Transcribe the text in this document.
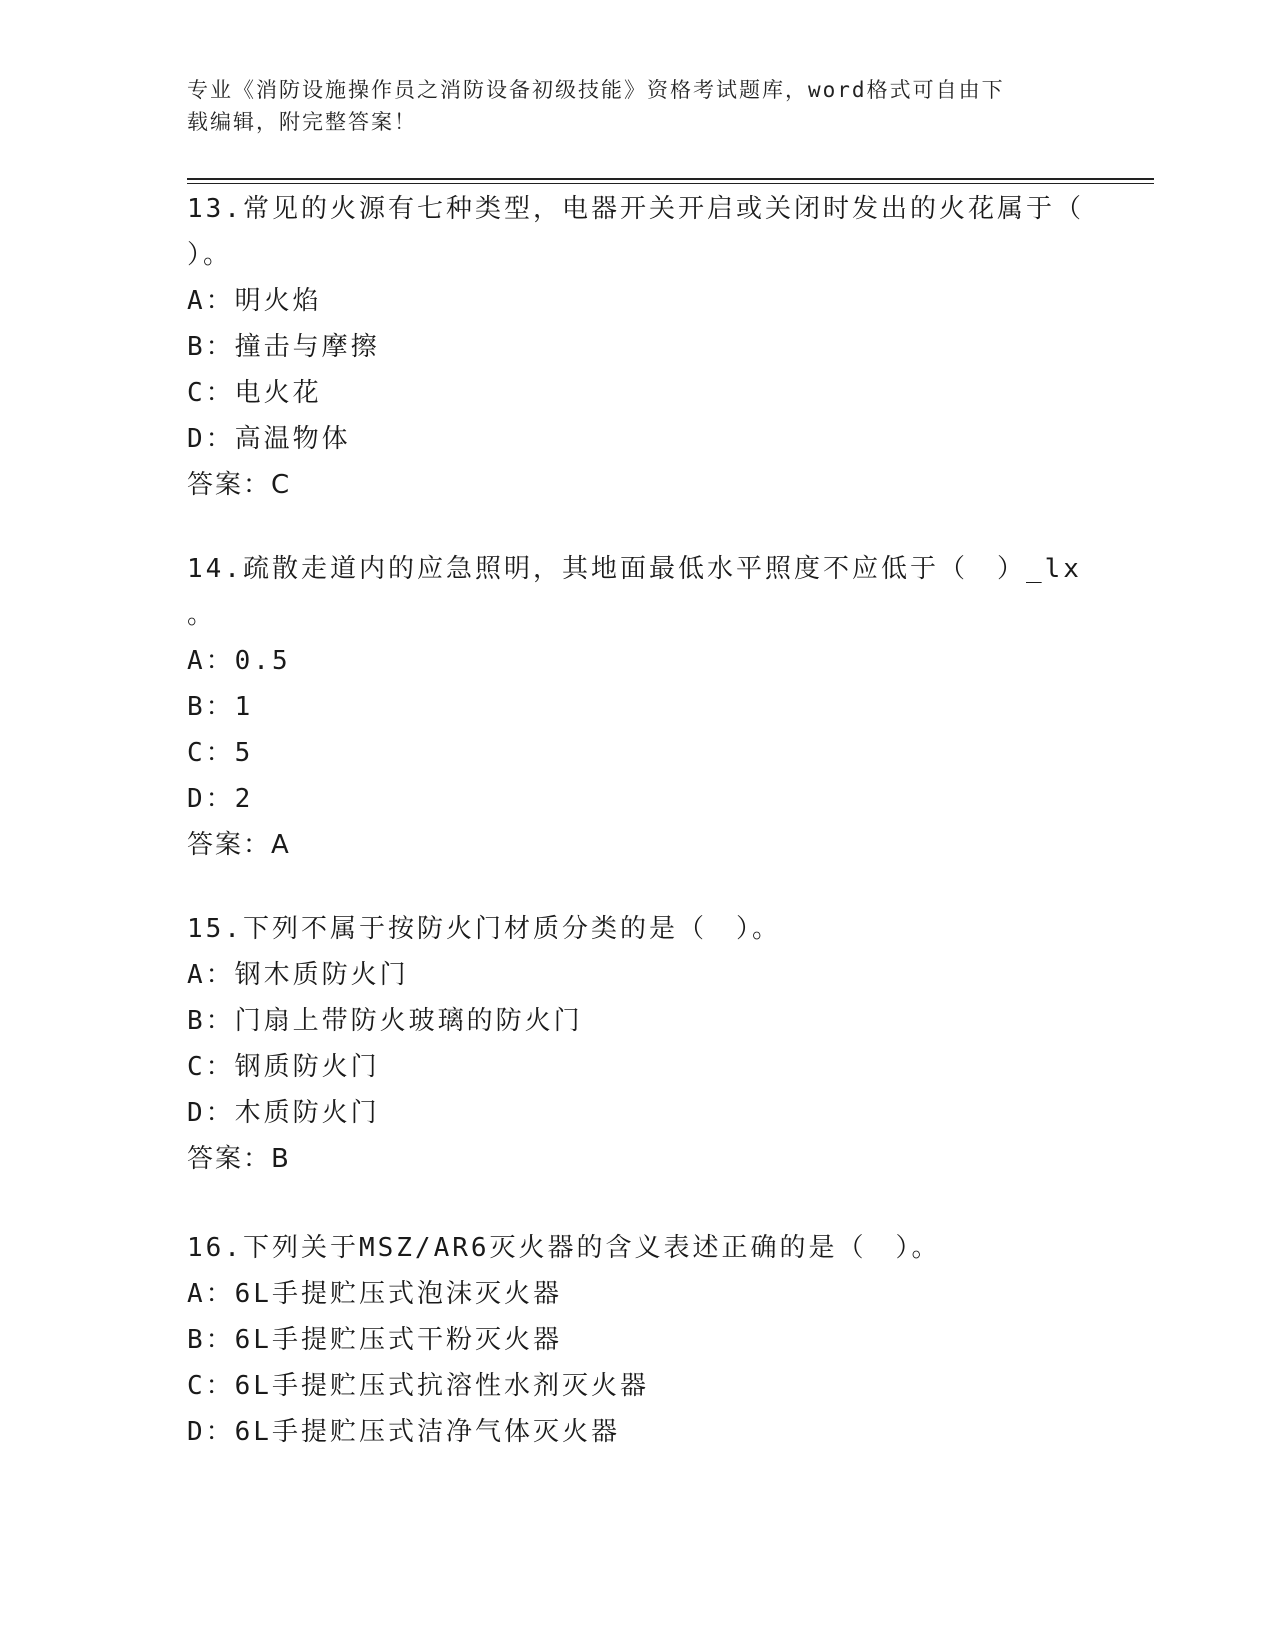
专业《消防设施操作员之消防设备初级技能》资格考试题库，word格式可自由下
载编辑，附完整答案！

13.常见的火源有七种类型，电器开关开启或关闭时发出的火花属于（

）。

A：明火焰

B：撞击与摩擦

C：电火花

D：高温物体

答案：C

14.疏散走道内的应急照明，其地面最低水平照度不应低于（　）_lx

。

A：0.5

B：1

C：5

D：2

答案：A

15.下列不属于按防火门材质分类的是（　）。

A：钢木质防火门

B：门扇上带防火玻璃的防火门

C：钢质防火门

D：木质防火门

答案：B

16.下列关于MSZ/AR6灭火器的含义表述正确的是（　）。

A：6L手提贮压式泡沫灭火器

B：6L手提贮压式干粉灭火器

C：6L手提贮压式抗溶性水剂灭火器

D：6L手提贮压式洁净气体灭火器
